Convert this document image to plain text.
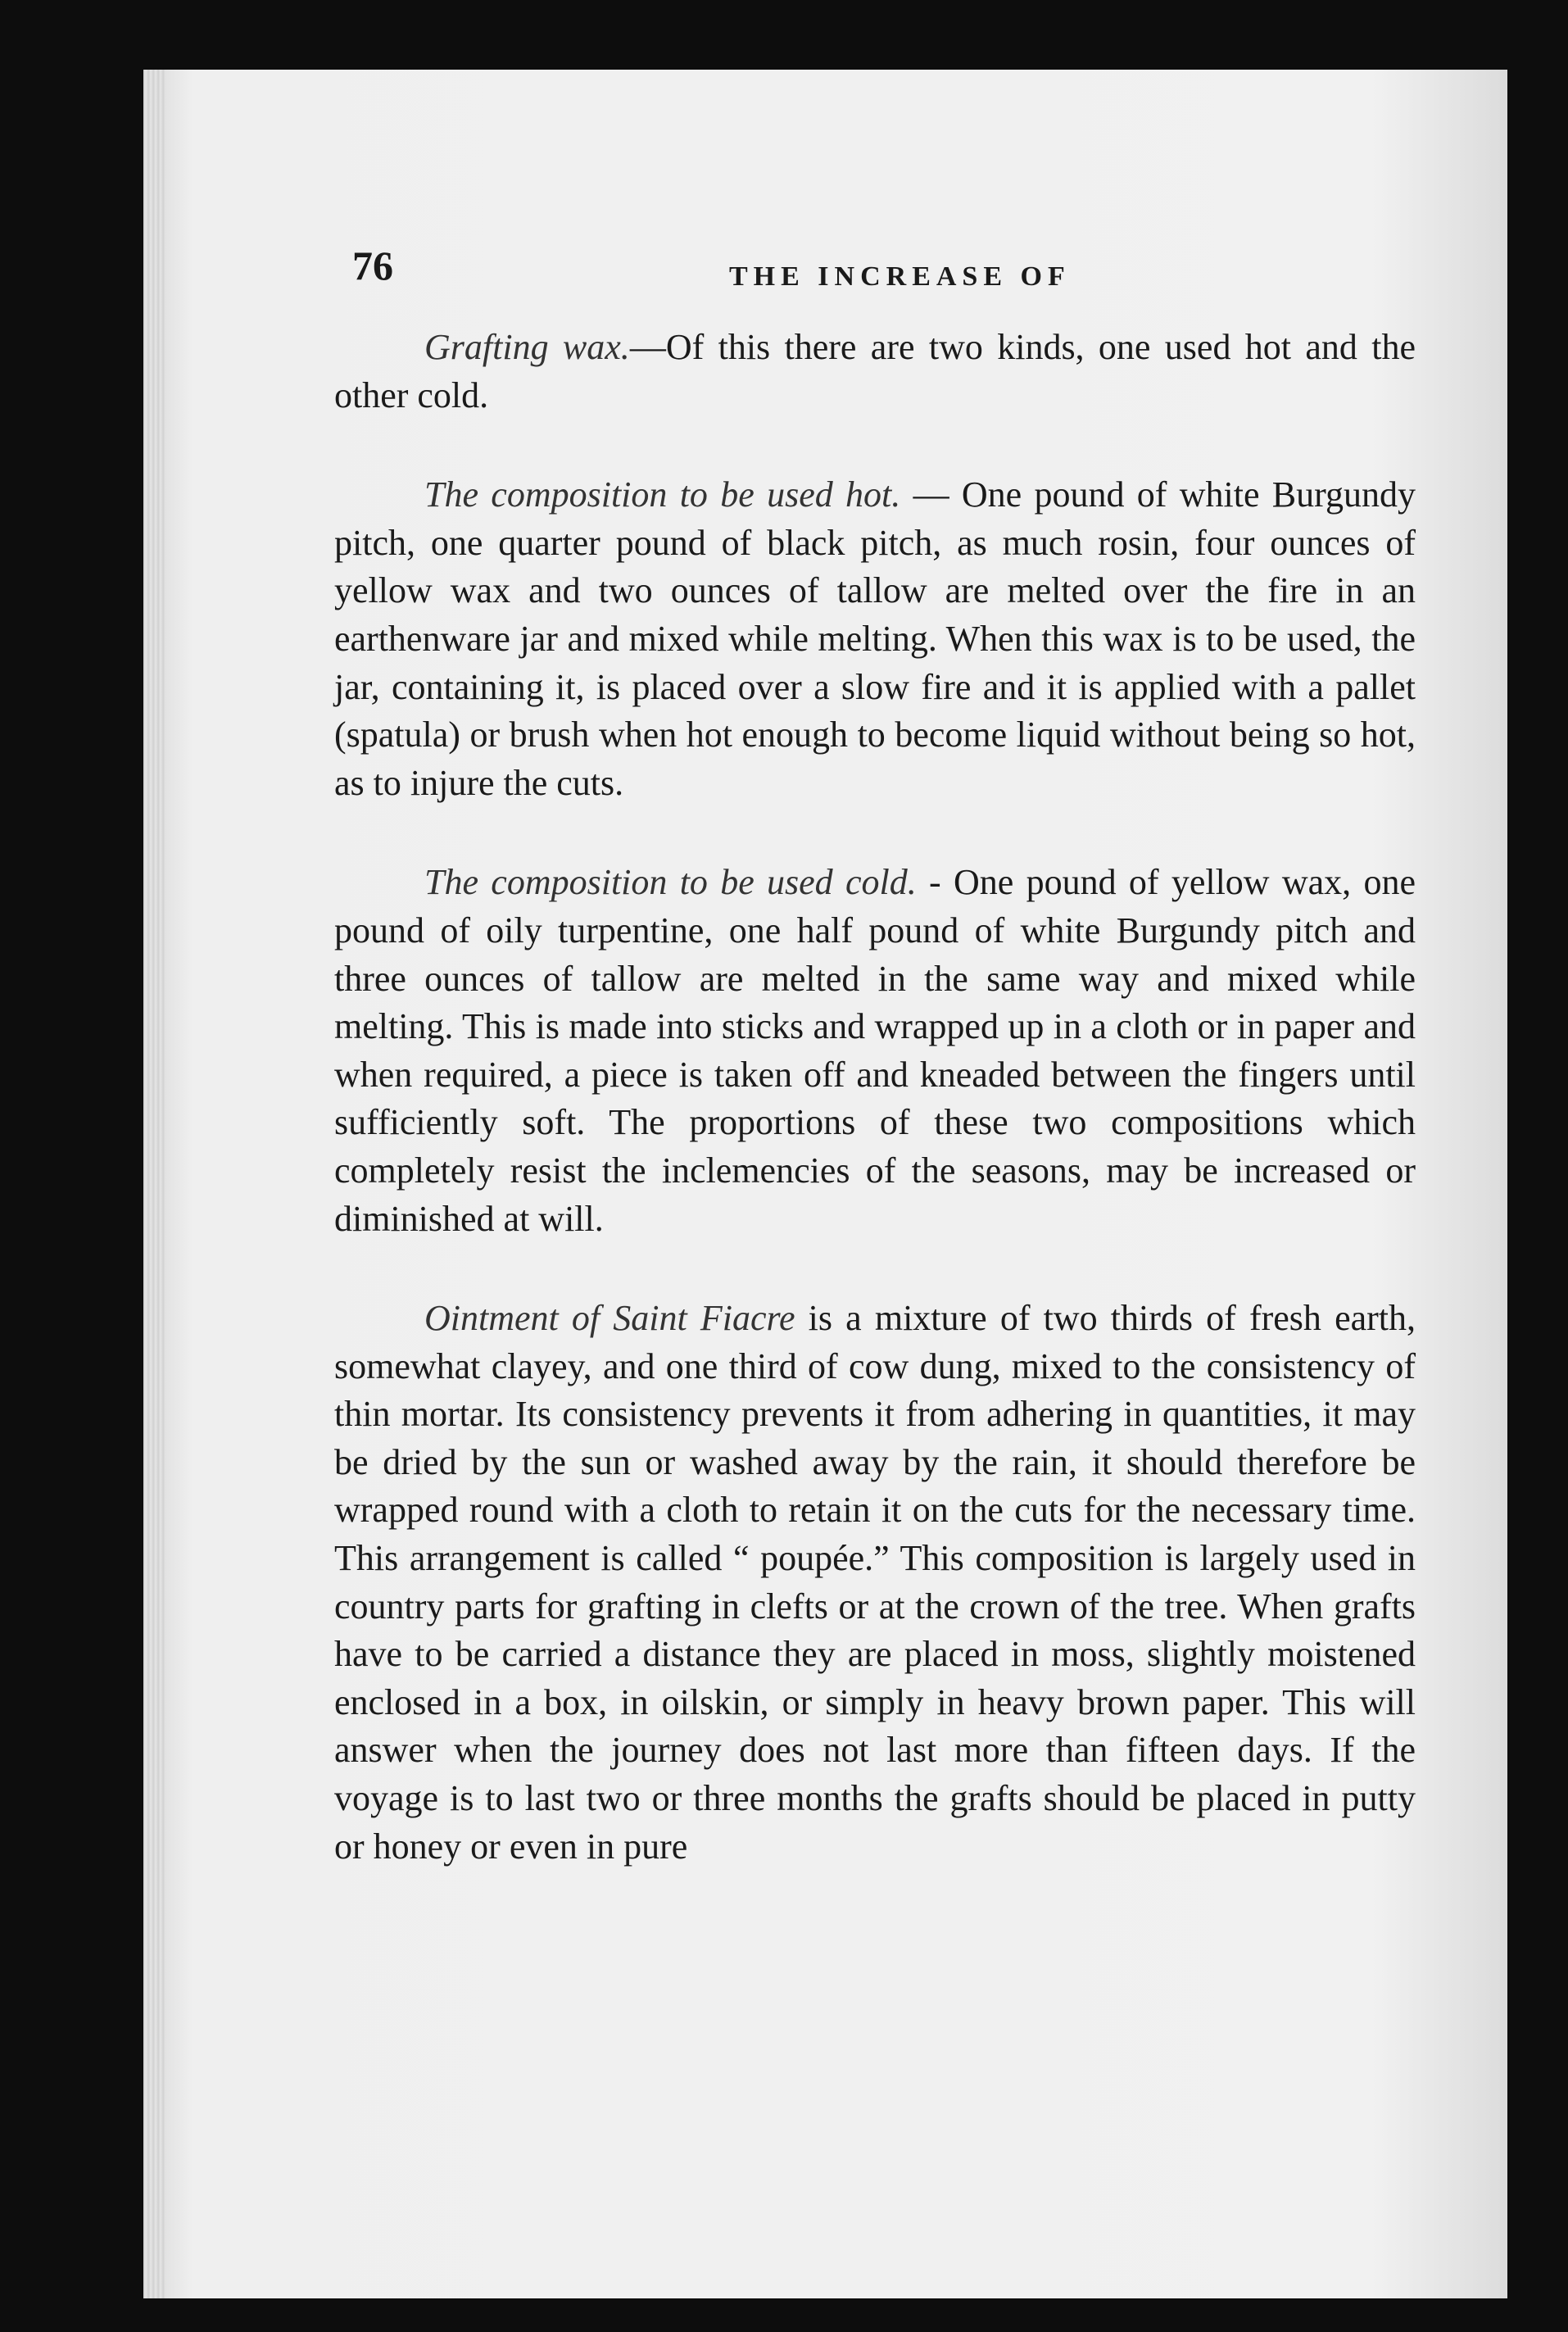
76	THE INCREASE OF

Grafting wax.—Of this there are two kinds, one used hot and the other cold.

The composition to be used hot. — One pound of white Burgundy pitch, one quarter pound of black pitch, as much rosin, four ounces of yellow wax and two ounces of tallow are melted over the fire in an earthenware jar and mixed while melting. When this wax is to be used, the jar, containing it, is placed over a slow fire and it is applied with a pallet (spatula) or brush when hot enough to become liquid without being so hot, as to injure the cuts.

The composition to be used cold. - One pound of yellow wax, one pound of oily turpentine, one half pound of white Burgundy pitch and three ounces of tallow are melted in the same way and mixed while melting. This is made into sticks and wrapped up in a cloth or in paper and when required, a piece is taken off and kneaded between the fingers until sufficiently soft. The proportions of these two compositions which completely resist the inclemencies of the seasons, may be increased or diminished at will.

Ointment of Saint Fiacre is a mixture of two thirds of fresh earth, somewhat clayey, and one third of cow dung, mixed to the consistency of thin mortar. Its consistency prevents it from adhering in quantities, it may be dried by the sun or washed away by the rain, it should therefore be wrapped round with a cloth to retain it on the cuts for the necessary time. This arrangement is called “ poupée.” This composition is largely used in country parts for grafting in clefts or at the crown of the tree. When grafts have to be carried a distance they are placed in moss, slightly moistened enclosed in a box, in oilskin, or simply in heavy brown paper. This will answer when the journey does not last more than fifteen days. If the voyage is to last two or three months the grafts should be placed in putty or honey or even in pure
